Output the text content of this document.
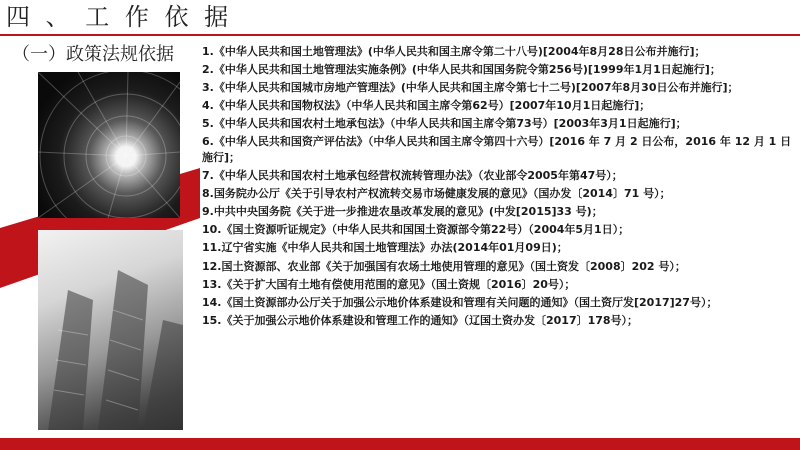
四 、 工 作 依 据
（一）政策法规依据	1.《中华人民共和国土地管理法》(中华人民共和国主席令第二十八号)[2004年8月28日公布并施行]；
2.《中华人民共和国土地管理法实施条例》(中华人民共和国国务院令第256号)[1999年1月1日起施行]；
3.《中华人民共和国城市房地产管理法》(中华人民共和国主席令第七十二号)[2007年8月30日公布并施行]；
4.《中华人民共和国物权法》（中华人民共和国主席令第62号）[2007年10月1日起施行]；
5.《中华人民共和国农村土地承包法》（中华人民共和国主席令第73号）[2003年3月1日起施行]；
6.《中华人民共和国资产评估法》（中华人民共和国主席令第四十六号）[2016 年 7 月 2 日公布，2016 年 12 月 1 日施行]；
7.《中华人民共和国农村土地承包经营权流转管理办法》（农业部令2005年第47号）；
8.国务院办公厅《关于引导农村产权流转交易市场健康发展的意见》（国办发〔2014〕71 号）；
9.中共中央国务院《关于进一步推进农垦改革发展的意见》(中发[2015]33 号)；
10.《国土资源听证规定》（中华人民共和国国土资源部令第22号）（2004年5月1日）；
11.辽宁省实施《中华人民共和国土地管理法》办法(2014年01月09日)；
12.国土资源部、农业部《关于加强国有农场土地使用管理的意见》（国土资发〔2008〕202 号）；
13.《关于扩大国有土地有偿使用范围的意见》（国土资规〔2016〕20号）；
14.《国土资源部办公厅关于加强公示地价体系建设和管理有关问题的通知》（国土资厅发[2017]27号）；
15.《关于加强公示地价体系建设和管理工作的通知》（辽国土资办发〔2017〕178号）；
